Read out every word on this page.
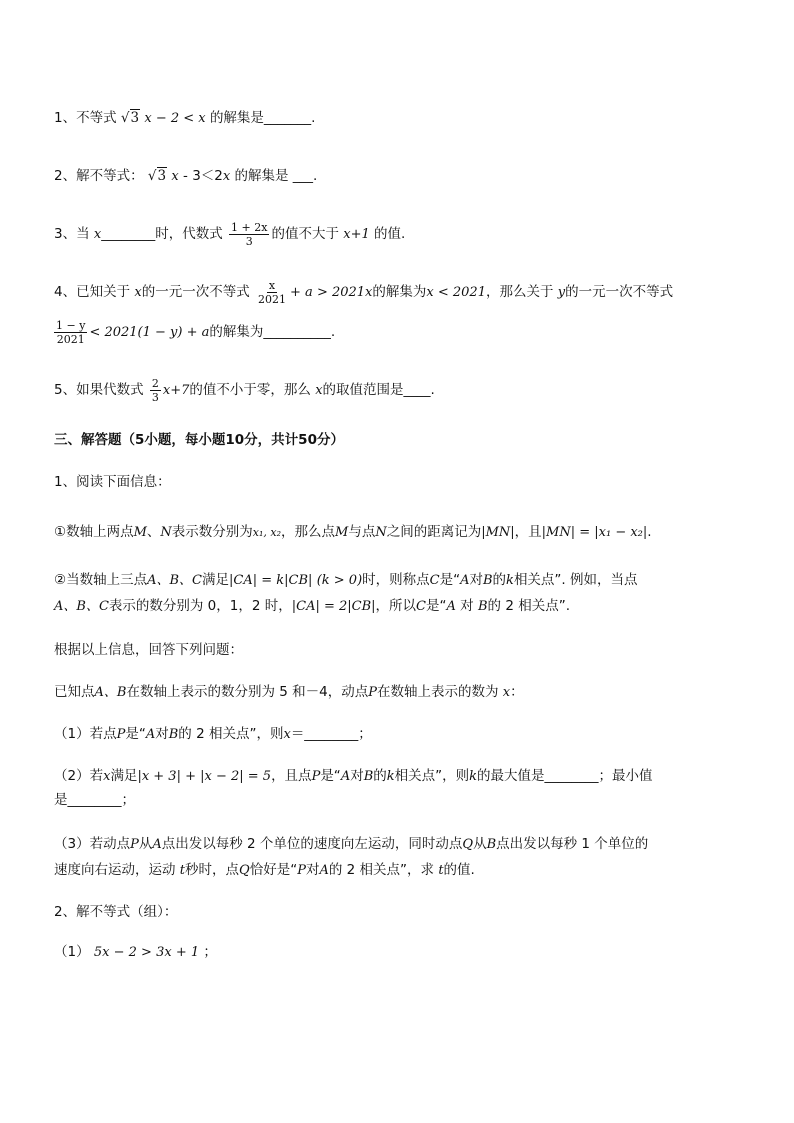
1、不等式 √3 x − 2 < x 的解集是_______.
2、解不等式： √3 x - 3＜2x 的解集是 ___.
3、当 x________时，代数式 $\frac{1 + 2x}{3}$ 的值不大于 x+1 的值.
4、已知关于 x的一元一次不等式 $\frac{x}{2021} + a > 2021x$的解集为x < 2021，那么关于 y的一元一次不等式
$\frac{1 - y}{2021} < 2021(1 - y) + a$的解集为__________.
5、如果代数式 $\frac{2}{3} x+7$的值不小于零，那么 x的取值范围是____.
三、解答题（5小题，每小题10分，共计50分）
1、阅读下面信息：
①数轴上两点M、N表示数分别为x₁, x₂，那么点M与点N之间的距离记为|MN|，且|MN| = |x₁ − x₂|.
②当数轴上三点A、B、C满足|CA| = k|CB| (k > 0)时，则称点C是“A对B的k相关点”. 例如，当点
A、B、C表示的数分别为 0，1，2 时，|CA| = 2|CB|，所以C是“A 对 B的 2 相关点”.
根据以上信息，回答下列问题：
已知点A、B在数轴上表示的数分别为 5 和－4，动点P在数轴上表示的数为 x：
（1）若点P是“A对B的 2 相关点”，则x＝________；
（2）若x满足|x + 3| + |x − 2| = 5，且点P是“A对B的k相关点”，则k的最大值是________；最小值
是________；
（3）若动点P从A点出发以每秒 2 个单位的速度向左运动，同时动点Q从B点出发以每秒 1 个单位的
速度向右运动，运动 t秒时，点Q恰好是“P对A的 2 相关点”，求 t的值.
2、解不等式（组）：
（1） 5x − 2 > 3x + 1 ；
